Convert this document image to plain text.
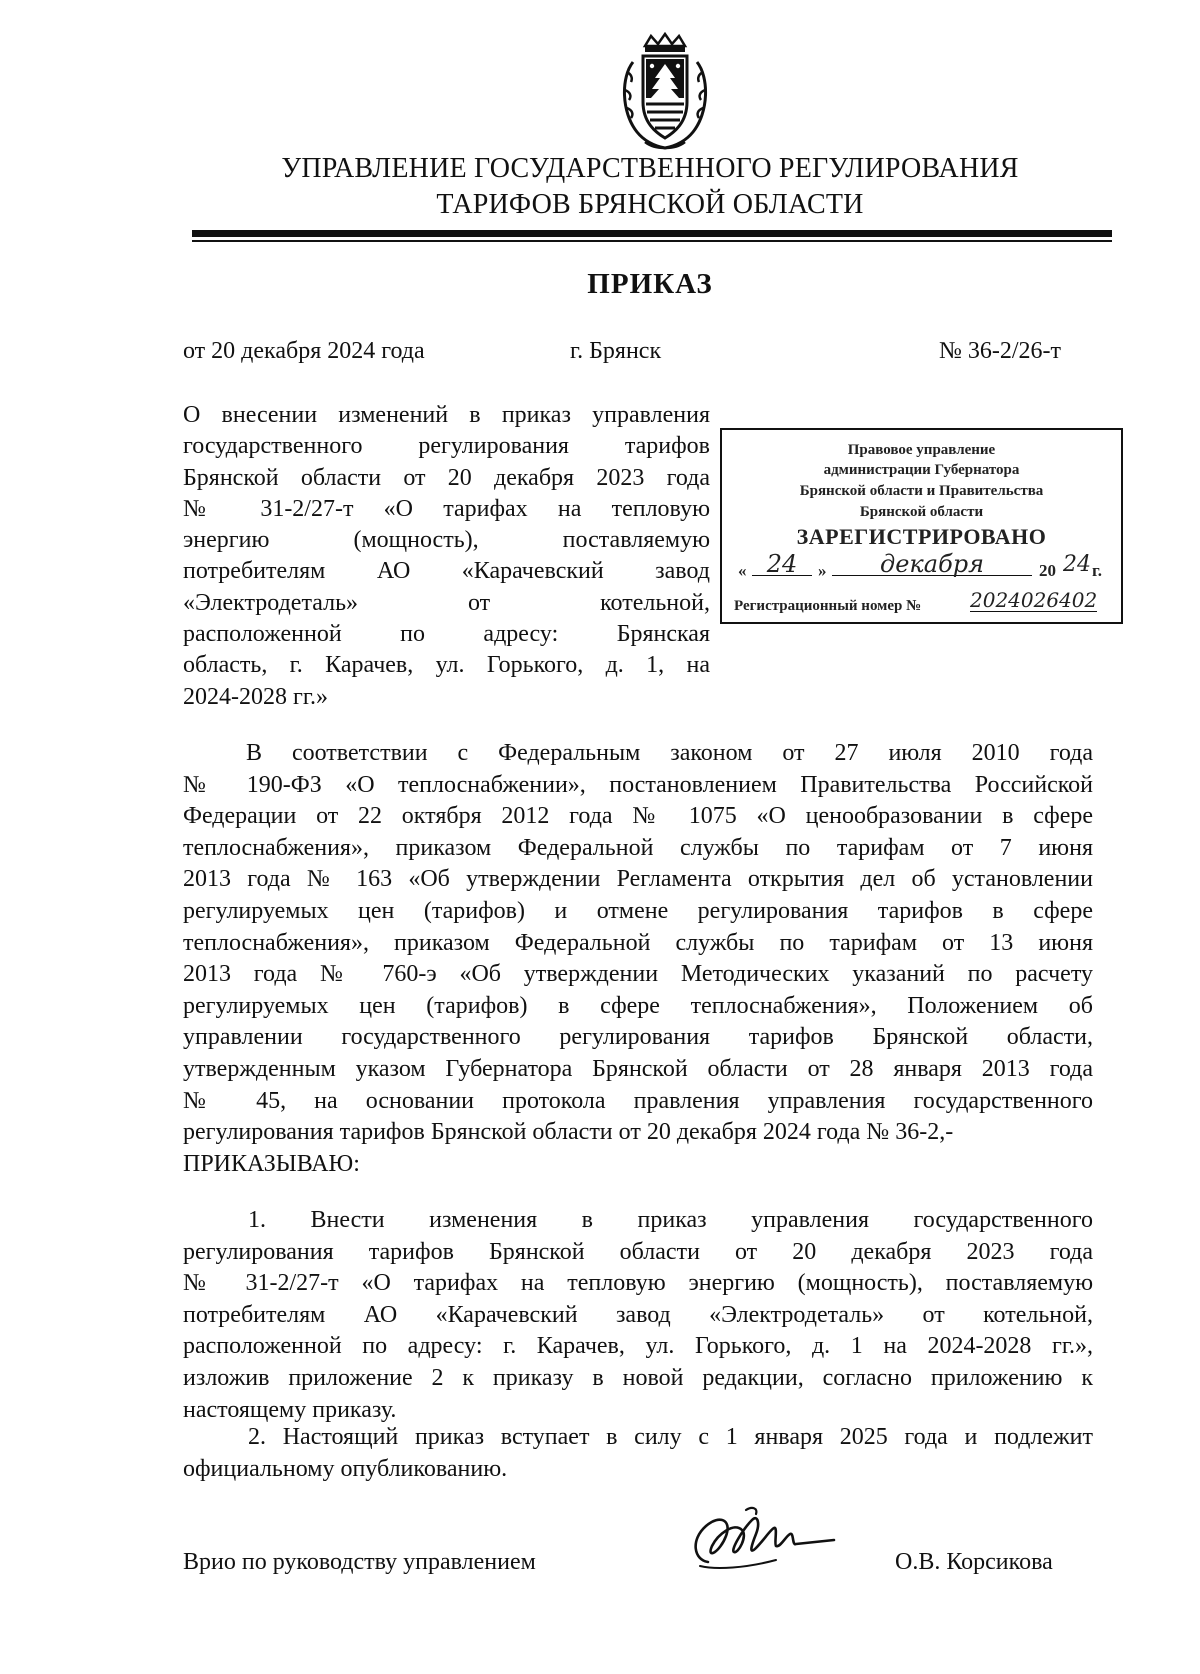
УПРАВЛЕНИЕ ГОСУДАРСТВЕННОГО РЕГУЛИРОВАНИЯ
ТАРИФОВ БРЯНСКОЙ ОБЛАСТИ
ПРИКАЗ
от 20 декабря 2024 года	г. Брянск	№ 36-2/26-т
О внесении изменений в приказ управления
государственного регулирования тарифов
Брянской области от 20 декабря 2023 года
№ 31-2/27-т «О тарифах на тепловую
энергию (мощность), поставляемую
потребителям АО «Карачевский завод
«Электродеталь» от котельной,
расположенной по адресу: Брянская
область, г. Карачев, ул. Горького, д. 1, на
2024-2028 гг.»
Правовое управление
администрации Губернатора
Брянской области и Правительства
Брянской области
ЗАРЕГИСТРИРОВАНО
« 24	»	декабря	20 24 г.
Регистрационный номер № 2024026402
В соответствии с Федеральным законом от 27 июля 2010 года
№ 190-ФЗ «О теплоснабжении», постановлением Правительства Российской
Федерации от 22 октября 2012 года № 1075 «О ценообразовании в сфере
теплоснабжения», приказом Федеральной службы по тарифам от 7 июня
2013 года № 163 «Об утверждении Регламента открытия дел об установлении
регулируемых цен (тарифов) и отмене регулирования тарифов в сфере
теплоснабжения», приказом Федеральной службы по тарифам от 13 июня
2013 года № 760-э «Об утверждении Методических указаний по расчету
регулируемых цен (тарифов) в сфере теплоснабжения», Положением об
управлении государственного регулирования тарифов Брянской области,
утвержденным указом Губернатора Брянской области от 28 января 2013 года
№ 45, на основании протокола правления управления государственного
регулирования тарифов Брянской области от 20 декабря 2024 года № 36-2,-
ПРИКАЗЫВАЮ:
1. Внести изменения в приказ управления государственного
регулирования тарифов Брянской области от 20 декабря 2023 года
№ 31-2/27-т «О тарифах на тепловую энергию (мощность), поставляемую
потребителям АО «Карачевский завод «Электродеталь» от котельной,
расположенной по адресу: г. Карачев, ул. Горького, д. 1 на 2024-2028 гг.»,
изложив приложение 2 к приказу в новой редакции, согласно приложению к
настоящему приказу.
2. Настоящий приказ вступает в силу с 1 января 2025 года и подлежит
официальному опубликованию.
Врио по руководству управлением	О.В. Корсикова
